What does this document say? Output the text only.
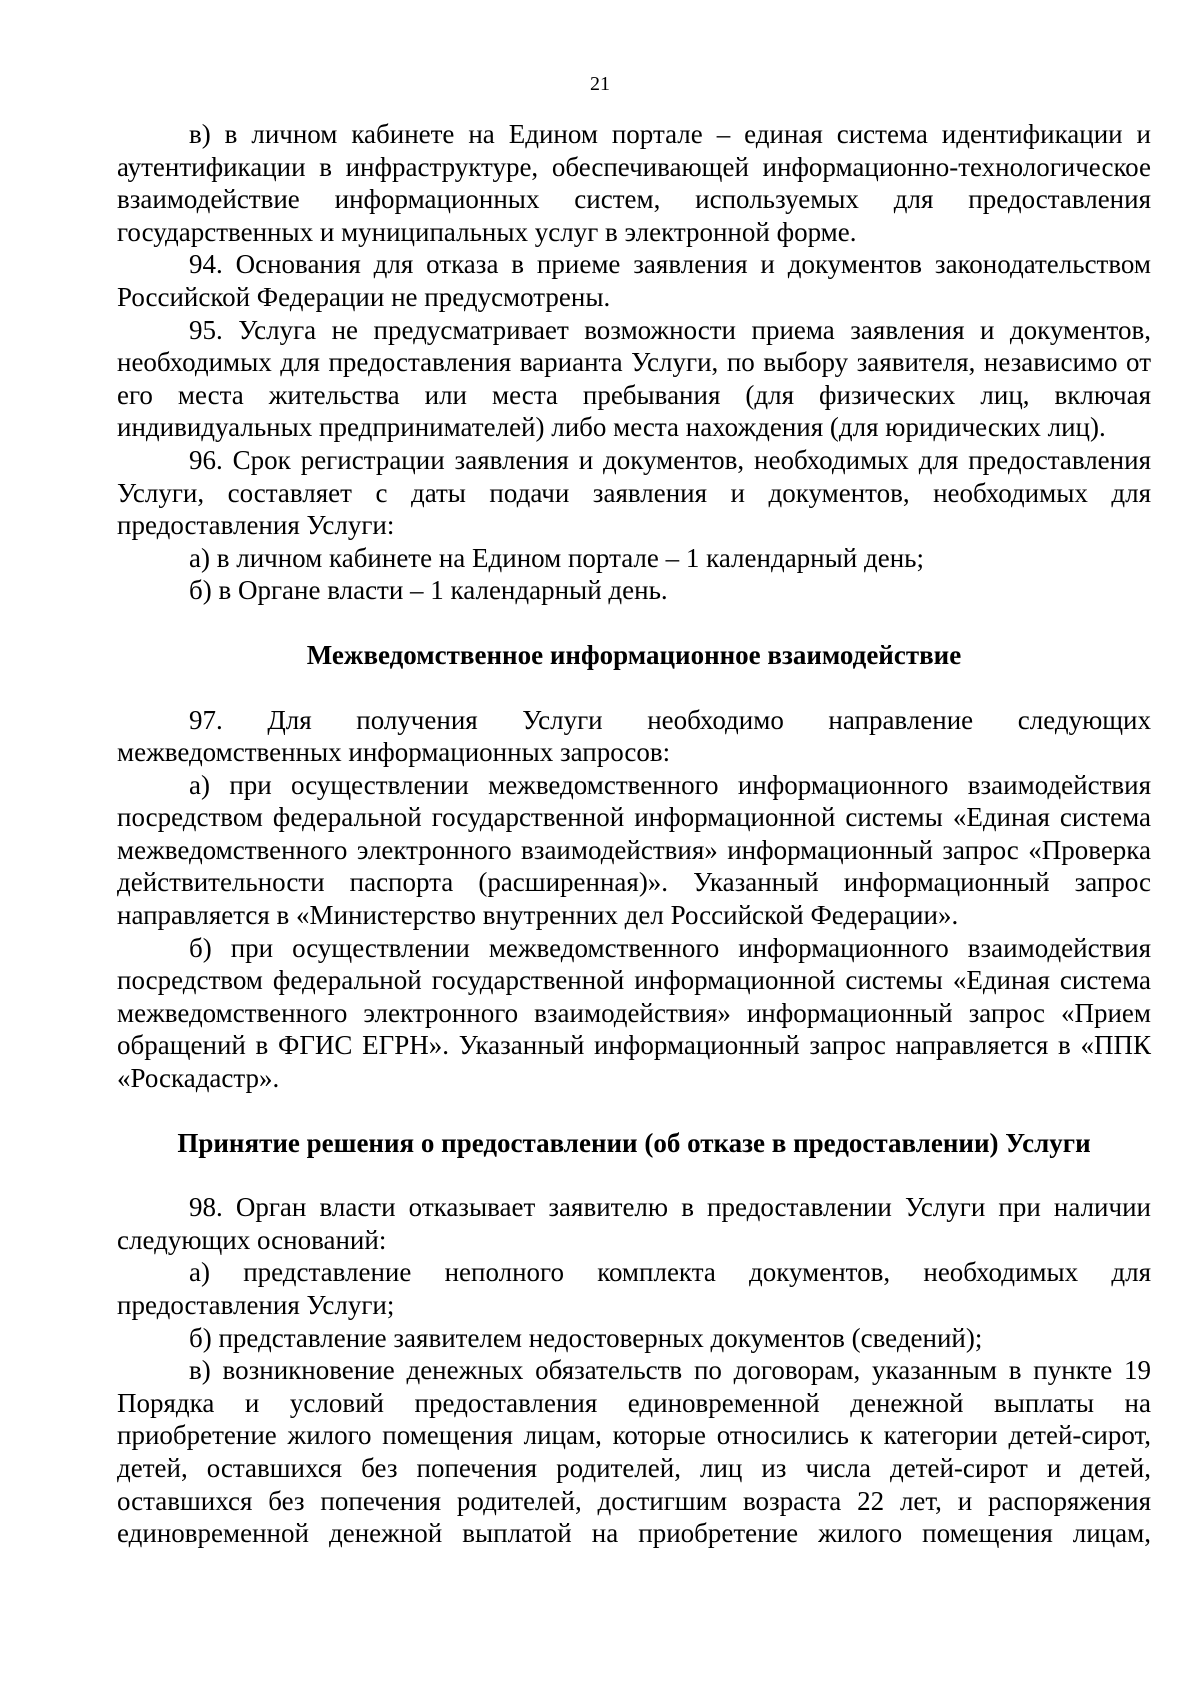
21

в) в личном кабинете на Едином портале – единая система идентификации и аутентификации в инфраструктуре, обеспечивающей информационно-технологическое взаимодействие информационных систем, используемых для предоставления государственных и муниципальных услуг в электронной форме.

94. Основания для отказа в приеме заявления и документов законодательством Российской Федерации не предусмотрены.

95. Услуга не предусматривает возможности приема заявления и документов, необходимых для предоставления варианта Услуги, по выбору заявителя, независимо от его места жительства или места пребывания (для физических лиц, включая индивидуальных предпринимателей) либо места нахождения (для юридических лиц).

96. Срок регистрации заявления и документов, необходимых для предоставления Услуги, составляет с даты подачи заявления и документов, необходимых для предоставления Услуги:

а) в личном кабинете на Едином портале – 1 календарный день;

б) в Органе власти – 1 календарный день.

Межведомственное информационное взаимодействие

97. Для получения Услуги необходимо направление следующих межведомственных информационных запросов:

а) при осуществлении межведомственного информационного взаимодействия посредством федеральной государственной информационной системы «Единая система межведомственного электронного взаимодействия» информационный запрос «Проверка действительности паспорта (расширенная)». Указанный информационный запрос направляется в «Министерство внутренних дел Российской Федерации».

б) при осуществлении межведомственного информационного взаимодействия посредством федеральной государственной информационной системы «Единая система межведомственного электронного взаимодействия» информационный запрос «Прием обращений в ФГИС ЕГРН». Указанный информационный запрос направляется в «ППК «Роскадастр».

Принятие решения о предоставлении (об отказе в предоставлении) Услуги

98. Орган власти отказывает заявителю в предоставлении Услуги при наличии следующих оснований:

а) представление неполного комплекта документов, необходимых для предоставления Услуги;

б) представление заявителем недостоверных документов (сведений);

в) возникновение денежных обязательств по договорам, указанным в пункте 19 Порядка и условий предоставления единовременной денежной выплаты на приобретение жилого помещения лицам, которые относились к категории детей-сирот, детей, оставшихся без попечения родителей, лиц из числа детей-сирот и детей, оставшихся без попечения родителей, достигшим возраста 22 лет, и распоряжения единовременной денежной выплатой на приобретение жилого помещения лицам,
